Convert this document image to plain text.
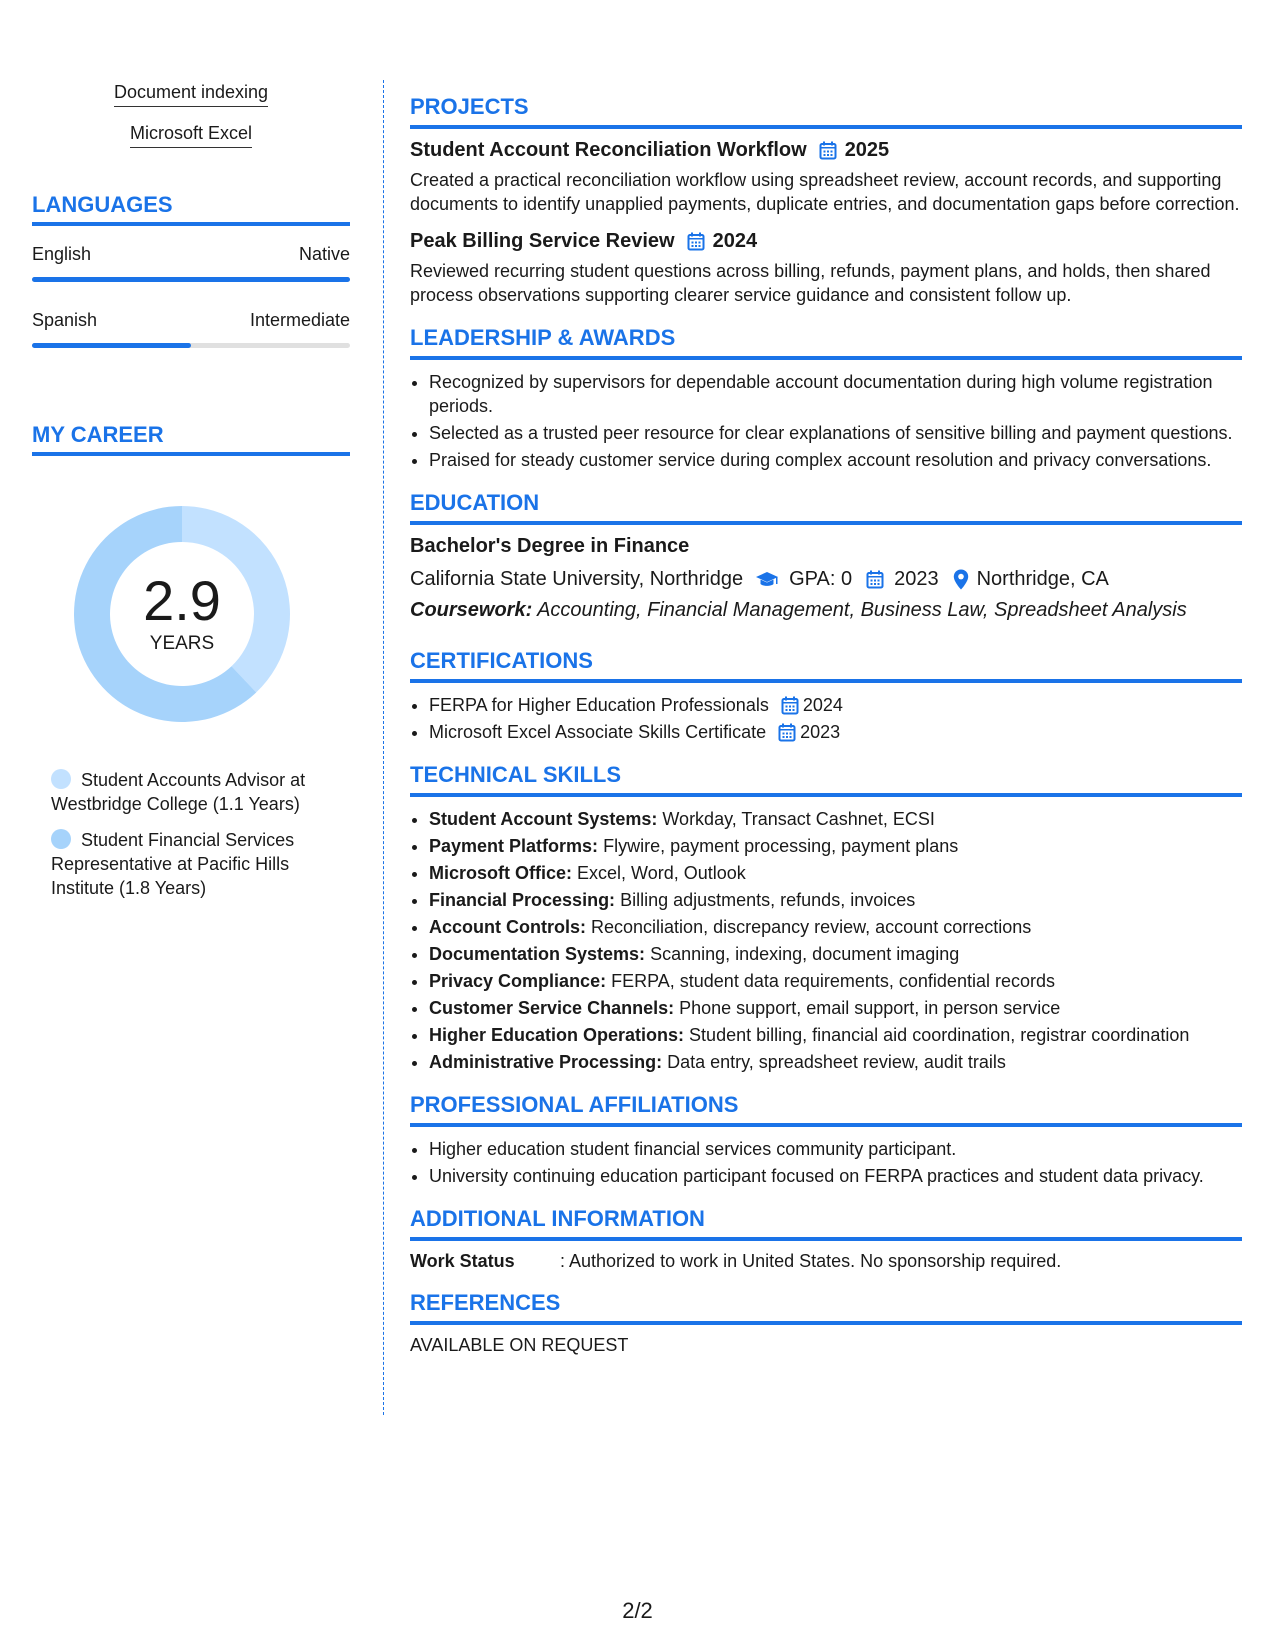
Document indexing
Microsoft Excel
LANGUAGES
English	Native
Spanish	Intermediate
MY CAREER
2.9
YEARS
Student Accounts Advisor at Westbridge College (1.1 Years)
Student Financial Services Representative at Pacific Hills Institute (1.8 Years)
PROJECTS
Student Account Reconciliation Workflow 2025
Created a practical reconciliation workflow using spreadsheet review, account records, and supporting documents to identify unapplied payments, duplicate entries, and documentation gaps before correction.
Peak Billing Service Review 2024
Reviewed recurring student questions across billing, refunds, payment plans, and holds, then shared process observations supporting clearer service guidance and consistent follow up.
LEADERSHIP & AWARDS
• Recognized by supervisors for dependable account documentation during high volume registration periods.
• Selected as a trusted peer resource for clear explanations of sensitive billing and payment questions.
• Praised for steady customer service during complex account resolution and privacy conversations.
EDUCATION
Bachelor's Degree in Finance
California State University, Northridge GPA: 0 2023 Northridge, CA
Coursework: Accounting, Financial Management, Business Law, Spreadsheet Analysis
CERTIFICATIONS
• FERPA for Higher Education Professionals 2024
• Microsoft Excel Associate Skills Certificate 2023
TECHNICAL SKILLS
• Student Account Systems: Workday, Transact Cashnet, ECSI
• Payment Platforms: Flywire, payment processing, payment plans
• Microsoft Office: Excel, Word, Outlook
• Financial Processing: Billing adjustments, refunds, invoices
• Account Controls: Reconciliation, discrepancy review, account corrections
• Documentation Systems: Scanning, indexing, document imaging
• Privacy Compliance: FERPA, student data requirements, confidential records
• Customer Service Channels: Phone support, email support, in person service
• Higher Education Operations: Student billing, financial aid coordination, registrar coordination
• Administrative Processing: Data entry, spreadsheet review, audit trails
PROFESSIONAL AFFILIATIONS
• Higher education student financial services community participant.
• University continuing education participant focused on FERPA practices and student data privacy.
ADDITIONAL INFORMATION
Work Status	: Authorized to work in United States. No sponsorship required.
REFERENCES
AVAILABLE ON REQUEST
2/2
